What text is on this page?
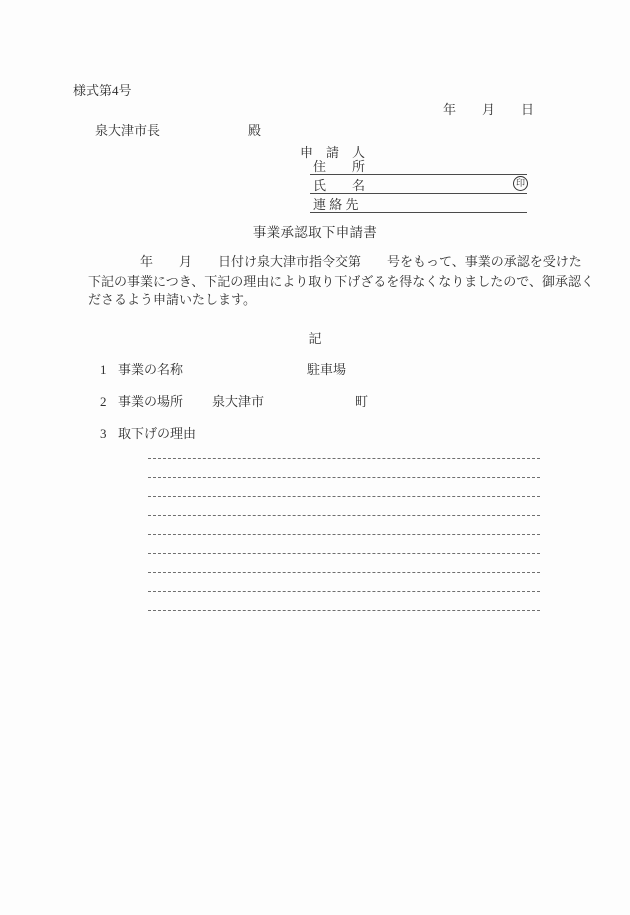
様式第4号
年　　月　　日
泉大津市長	殿
申　請　人
住　　所
氏　　名	印
連 絡 先
事業承認取下申請書
　　　　年　　月　　日付け泉大津市指令交第　　号をもって、事業の承認を受けた
下記の事業につき、下記の理由により取り下げざるを得なくなりましたので、御承認く
ださるよう申請いたします。
記
1 事業の名称	駐車場
2 事業の場所 泉大津市	町
3 取下げの理由
